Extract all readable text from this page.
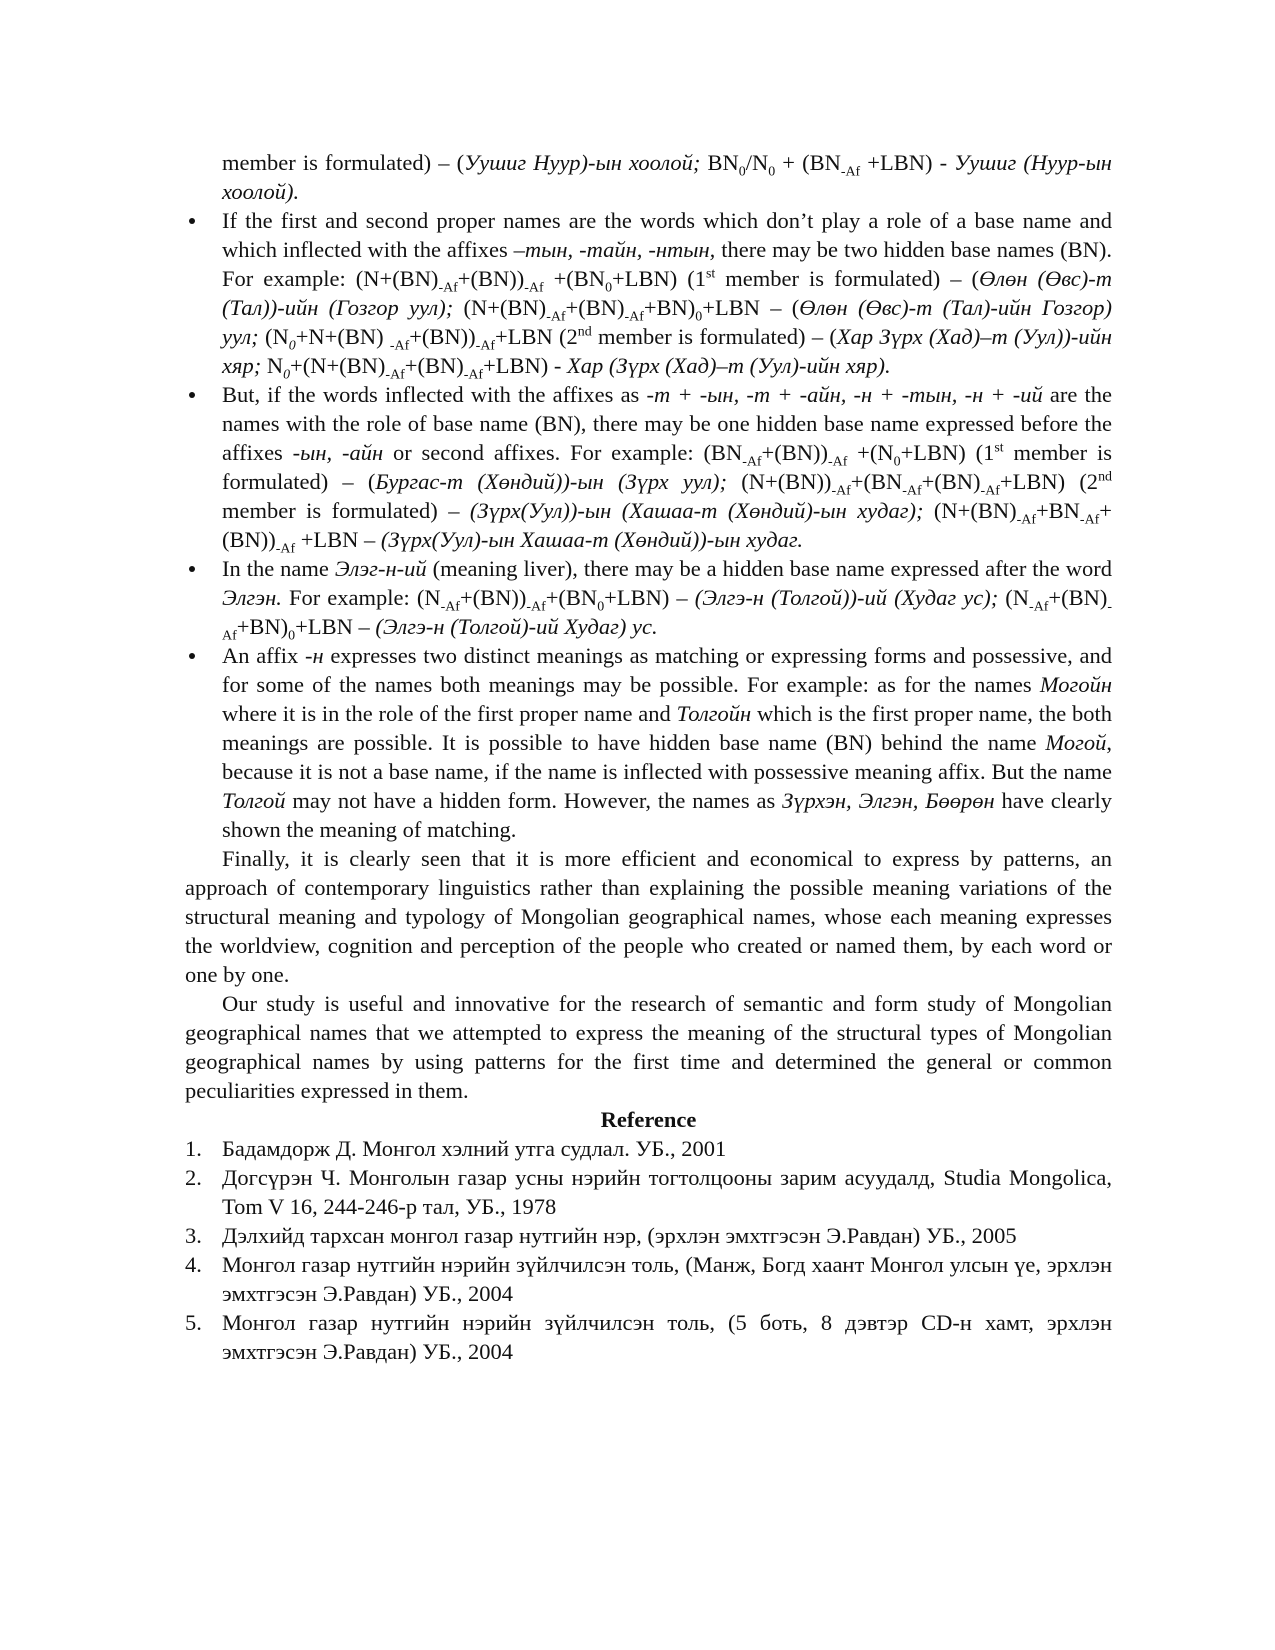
member is formulated) – (Уушиг Нуур)-ын хоолой; $BN_0/N_0 + (BN_{-Af} +LBN)$ - Уушиг (Нуур-ын хоолой).
If the first and second proper names are the words which don’t play a role of a base name and which inflected with the affixes –тын, -тайн, -нтын, there may be two hidden base names (BN). For example: $(N+(BN)_{-Af}+(BN))_{-Af} +(BN_0+LBN)$ (1st member is formulated) – (Өлөн (Өвс)-т (Тал))-ийн (Гозгор уул); $(N+(BN)_{-Af}+(BN)_{-Af}+BN)_0+LBN$ – (Өлөн (Өвс)-т (Тал)-ийн Гозгор) уул; ($N_0+N+(BN)$ $_{-Af}+(BN))_{-Af}+LBN$ (2nd member is formulated) – (Хар Зүрх (Хад)–т (Уул))-ийн хяр; $N_0+(N+(BN)_{-Af}+(BN)_{-Af}+LBN)$ - Хар (Зүрх (Хад)–т (Уул)-ийн хяр).
But, if the words inflected with the affixes as -т + -ын, -т + -айн, -н + -тын, -н + -ий are the names with the role of base name (BN), there may be one hidden base name expressed before the affixes -ын, -айн or second affixes. For example: $(BN_{-Af}+(BN))_{-Af} +(N_0+LBN)$ (1st member is formulated) – (Бургас-т (Хөндий))-ын (Зүрх уул); $(N+(BN))_{-Af}+(BN_{-Af}+(BN)_{-Af}+LBN)$ (2nd member is formulated) – (Зүрх(Уул))-ын (Хашаа-т (Хөндий)-ын худаг); $(N+(BN)_{-Af}+BN_{-Af}+(BN))_{-Af} +LBN$ – (Зүрх(Уул)-ын Хашаа-т (Хөндий))-ын худаг.
In the name Элэг-н-ий (meaning liver), there may be a hidden base name expressed after the word Элгэн. For example: $(N_{-Af}+(BN))_{-Af}+(BN_0+LBN)$ – (Элгэ-н (Толгой))-ий (Худаг ус); $(N_{-Af}+(BN)_{-Af}+BN)_0+LBN$ – (Элгэ-н (Толгой)-ий Худаг) ус.
An affix -н expresses two distinct meanings as matching or expressing forms and possessive, and for some of the names both meanings may be possible. For example: as for the names Могойн where it is in the role of the first proper name and Толгойн which is the first proper name, the both meanings are possible. It is possible to have hidden base name (BN) behind the name Могой, because it is not a base name, if the name is inflected with possessive meaning affix. But the name Толгой may not have a hidden form. However, the names as Зүрхэн, Элгэн, Бөөрөн have clearly shown the meaning of matching.

Finally, it is clearly seen that it is more efficient and economical to express by patterns, an approach of contemporary linguistics rather than explaining the possible meaning variations of the structural meaning and typology of Mongolian geographical names, whose each meaning expresses the worldview, cognition and perception of the people who created or named them, by each word or one by one.

Our study is useful and innovative for the research of semantic and form study of Mongolian geographical names that we attempted to express the meaning of the structural types of Mongolian geographical names by using patterns for the first time and determined the general or common peculiarities expressed in them.

Reference

1. Бадамдорж Д. Монгол хэлний утга судлал. УБ., 2001
2. Догсүрэн Ч. Монголын газар усны нэрийн тогтолцооны зарим асуудалд, Studia Mongolica, Tom V 16, 244-246-р тал, УБ., 1978
3. Дэлхийд тархсан монгол газар нутгийн нэр, (эрхлэн эмхтгэсэн Э.Равдан) УБ., 2005
4. Монгол газар нутгийн нэрийн зүйлчилсэн толь, (Манж, Богд хаант Монгол улсын үе, эрхлэн эмхтгэсэн Э.Равдан) УБ., 2004
5. Монгол газар нутгийн нэрийн зүйлчилсэн толь, (5 боть, 8 дэвтэр CD-н хамт, эрхлэн эмхтгэсэн Э.Равдан) УБ., 2004
